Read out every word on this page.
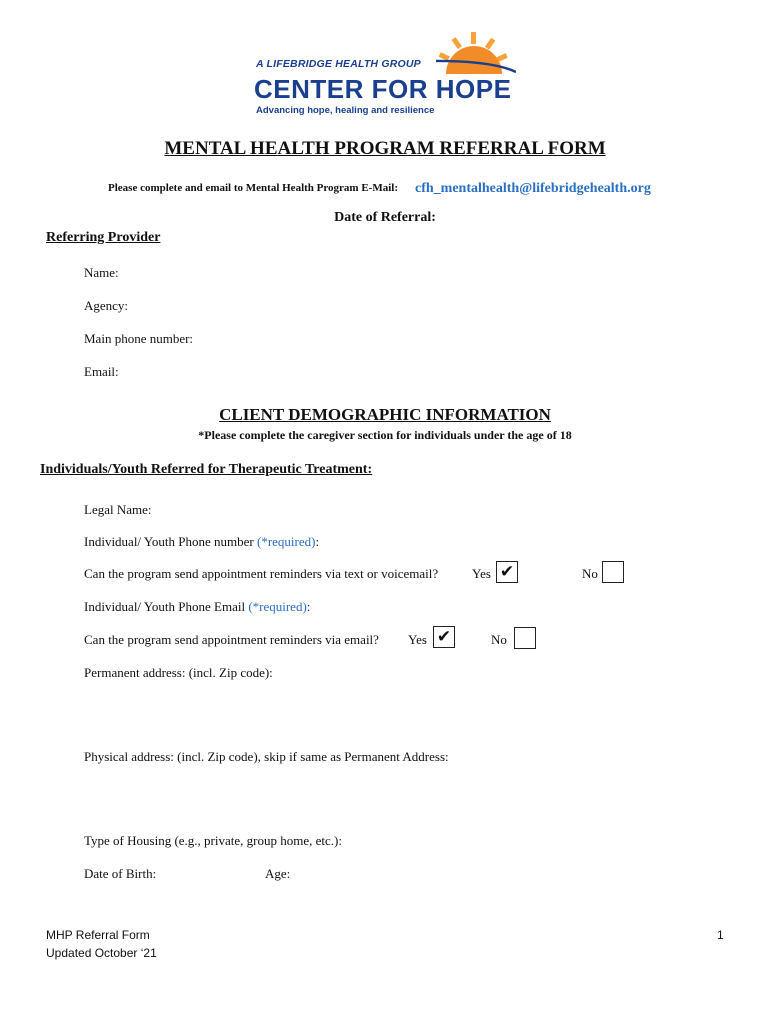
A LIFEBRIDGE HEALTH GROUP
CENTER FOR HOPE
Advancing hope, healing and resilience
MENTAL HEALTH PROGRAM REFERRAL FORM
Please complete and email to Mental Health Program E-Mail: cfh_mentalhealth@lifebridgehealth.org
Date of Referral:
Referring Provider
Name:
Agency:
Main phone number:
Email:
CLIENT DEMOGRAPHIC INFORMATION
*Please complete the caregiver section for individuals under the age of 18
Individuals/Youth Referred for Therapeutic Treatment:
Legal Name:
Individual/ Youth Phone number (*required):
Can the program send appointment reminders via text or voicemail?	Yes ✔	No
Individual/ Youth Phone Email (*required):
Can the program send appointment reminders via email? Yes ✔	No
Permanent address: (incl. Zip code):
Physical address: (incl. Zip code), skip if same as Permanent Address:
Type of Housing (e.g., private, group home, etc.):
Date of Birth:	Age:
MHP Referral Form
Updated October ‘21
1
